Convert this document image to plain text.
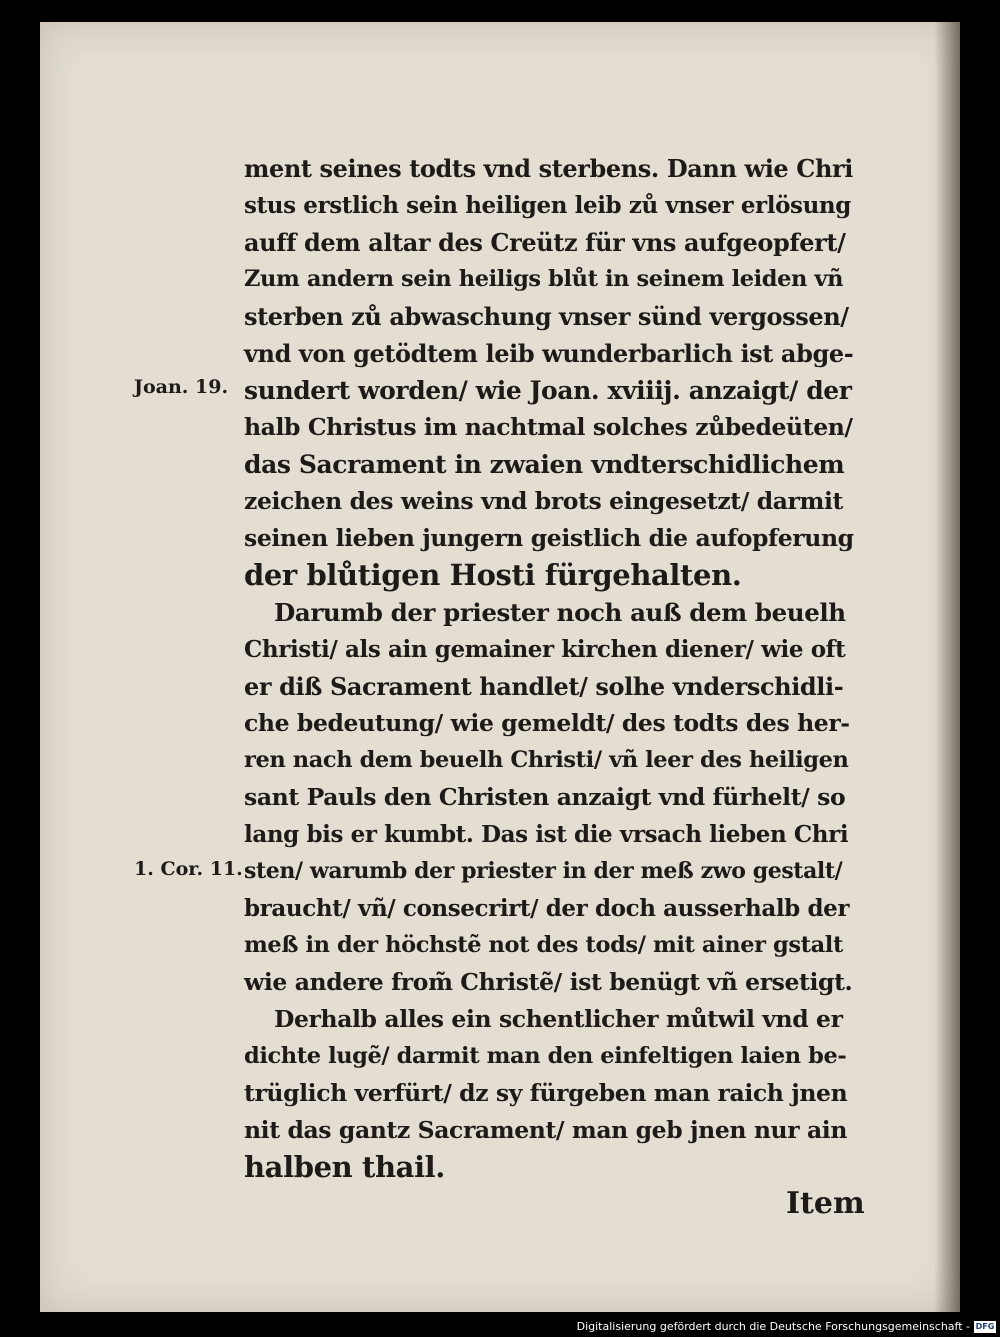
ment seines todts vnd sterbens. Dann wie Chri
stus erstlich sein heiligen leib zů vnser erlösung
auff dem altar des Creütz für vns aufgeopfert/
Zum andern sein heiligs blůt in seinem leiden vñ
sterben zů abwaschung vnser sünd vergossen/
vnd von getödtem leib wunderbarlich ist abge-
sundert worden/ wie Joan. xviiij. anzaigt/ der
halb Christus im nachtmal solches zůbedeüten/
das Sacrament in zwaien vndterschidlichem
zeichen des weins vnd brots eingesetzt/ darmit
seinen lieben jungern geistlich die aufopferung
der blůtigen Hosti fürgehalten.
Darumb der priester noch auß dem beuelh
Christi/ als ain gemainer kirchen diener/ wie oft
er diß Sacrament handlet/ solhe vnderschidli-
che bedeutung/ wie gemeldt/ des todts des her-
ren nach dem beuelh Christi/ vñ leer des heiligen
sant Pauls den Christen anzaigt vnd fürhelt/ so
lang bis er kumbt. Das ist die vrsach lieben Chri
sten/ warumb der priester in der meß zwo gestalt/
braucht/ vñ/ consecrirt/ der doch ausserhalb der
meß in der höchstẽ not des tods/ mit ainer gstalt
wie andere from̃ Christẽ/ ist benügt vñ ersetigt.
Derhalb alles ein schentlicher můtwil vnd er
dichte lugẽ/ darmit man den einfeltigen laien be-
trüglich verfürt/ dz sy fürgeben man raich jnen
nit das gantz Sacrament/ man geb jnen nur ain
halben thail.
Joan. 19.
1. Cor. 11.
Item
Digitalisierung gefördert durch die Deutsche Forschungsgemeinschaft - DFG
